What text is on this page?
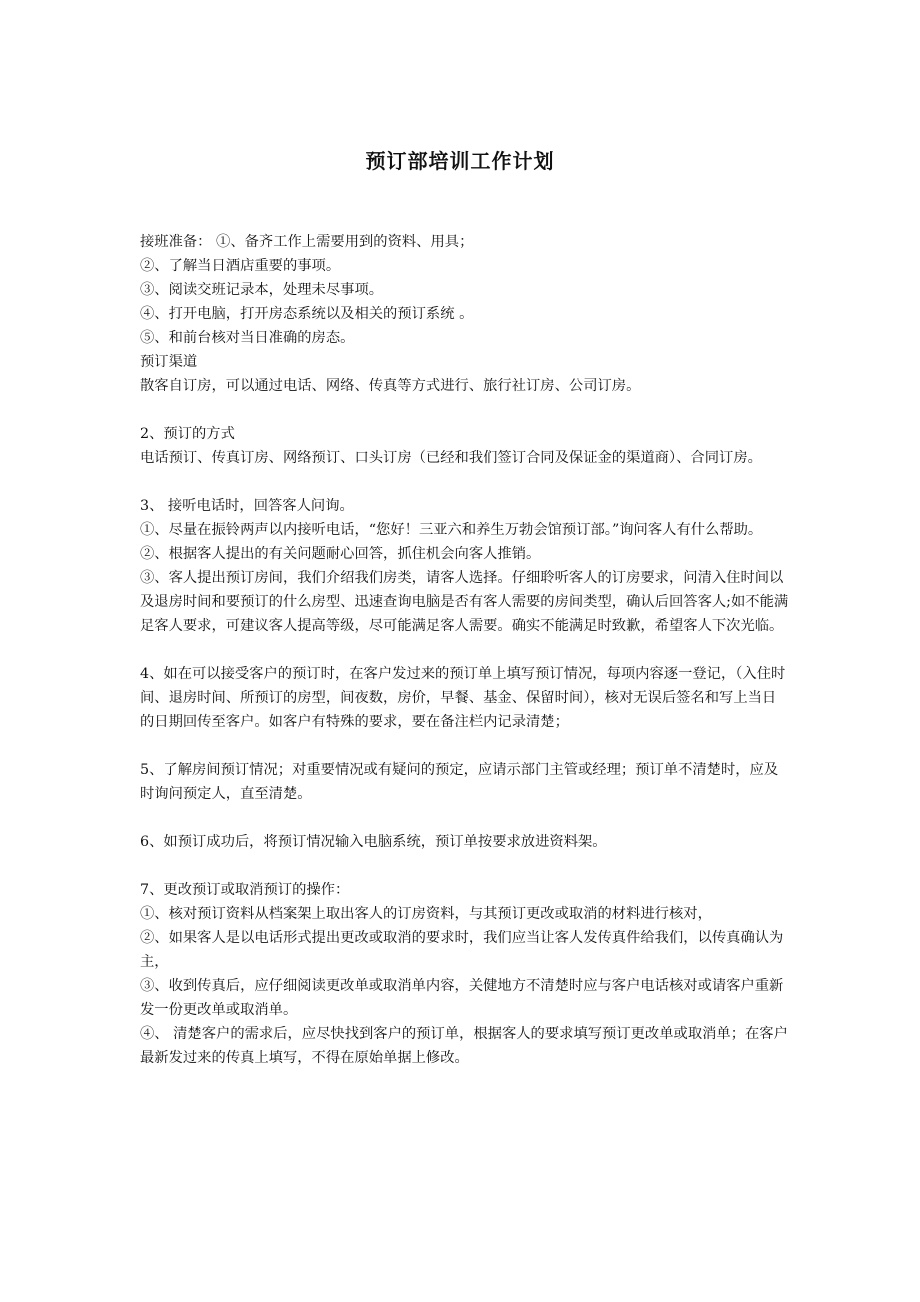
预订部培训工作计划

接班准备： ①、备齐工作上需要用到的资料、用具；

②、了解当日酒店重要的事项。

③、阅读交班记录本，处理未尽事项。

④、打开电脑，打开房态系统以及相关的预订系统 。

⑤、和前台核对当日准确的房态。

预订渠道

散客自订房，可以通过电话、网络、传真等方式进行、旅行社订房、公司订房。

2、预订的方式

电话预订、传真订房、网络预订、口头订房（已经和我们签订合同及保证金的渠道商）、合同订房。

3、 接听电话时，回答客人问询。

①、尽量在振铃两声以内接听电话，“您好！三亚六和养生万勃会馆预订部。”询问客人有什么帮助。

②、根据客人提出的有关问题耐心回答，抓住机会向客人推销。

③、客人提出预订房间，我们介绍我们房类，请客人选择。仔细聆听客人的订房要求，问清入住时间以及退房时间和要预订的什么房型、迅速查询电脑是否有客人需要的房间类型，确认后回答客人;如不能满足客人要求，可建议客人提高等级，尽可能满足客人需要。确实不能满足时致歉，希望客人下次光临。

4、如在可以接受客户的预订时，在客户发过来的预订单上填写预订情况，每项内容逐一登记，（入住时间、退房时间、所预订的房型，间夜数，房价，早餐、基金、保留时间），核对无误后签名和写上当日的日期回传至客户。如客户有特殊的要求，要在备注栏内记录清楚；

5、了解房间预订情况；对重要情况或有疑问的预定，应请示部门主管或经理；预订单不清楚时，应及时询问预定人，直至清楚。

6、如预订成功后，将预订情况输入电脑系统，预订单按要求放进资料架。

7、更改预订或取消预订的操作：

①、核对预订资料从档案架上取出客人的订房资料，与其预订更改或取消的材料进行核对，

②、如果客人是以电话形式提出更改或取消的要求时，我们应当让客人发传真件给我们，以传真确认为主，

③、收到传真后，应仔细阅读更改单或取消单内容，关健地方不清楚时应与客户电话核对或请客户重新发一份更改单或取消单。

④、 清楚客户的需求后，应尽快找到客户的预订单，根据客人的要求填写预订更改单或取消单；在客户最新发过来的传真上填写，不得在原始单据上修改。
